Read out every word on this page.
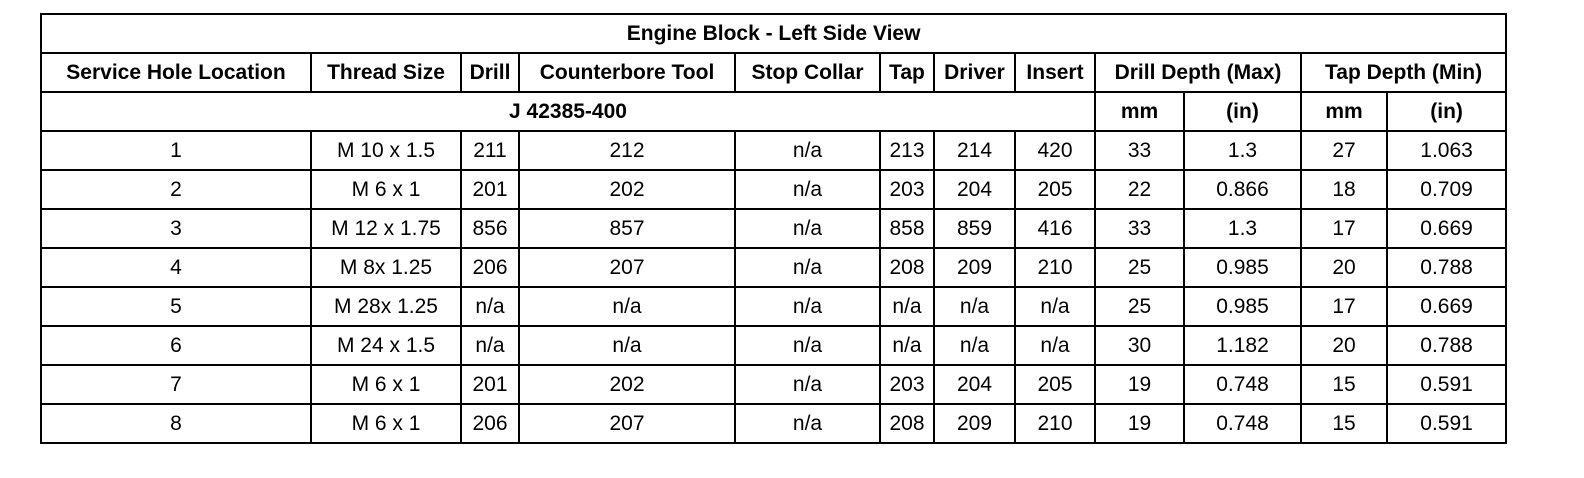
Engine Block - Left Side View											
Service Hole Location	Thread Size	Drill	Counterbore Tool	Stop Collar	Tap	Driver	Insert	Drill Depth (Max)		Tap Depth (Min)	
J 42385-400								mm	(in)	mm	(in)
1	M 10 x 1.5	211	212	n/a	213	214	420	33	1.3	27	1.063
2	M 6 x 1	201	202	n/a	203	204	205	22	0.866	18	0.709
3	M 12 x 1.75	856	857	n/a	858	859	416	33	1.3	17	0.669
4	M 8x 1.25	206	207	n/a	208	209	210	25	0.985	20	0.788
5	M 28x 1.25	n/a	n/a	n/a	n/a	n/a	n/a	25	0.985	17	0.669
6	M 24 x 1.5	n/a	n/a	n/a	n/a	n/a	n/a	30	1.182	20	0.788
7	M 6 x 1	201	202	n/a	203	204	205	19	0.748	15	0.591
8	M 6 x 1	206	207	n/a	208	209	210	19	0.748	15	0.591
